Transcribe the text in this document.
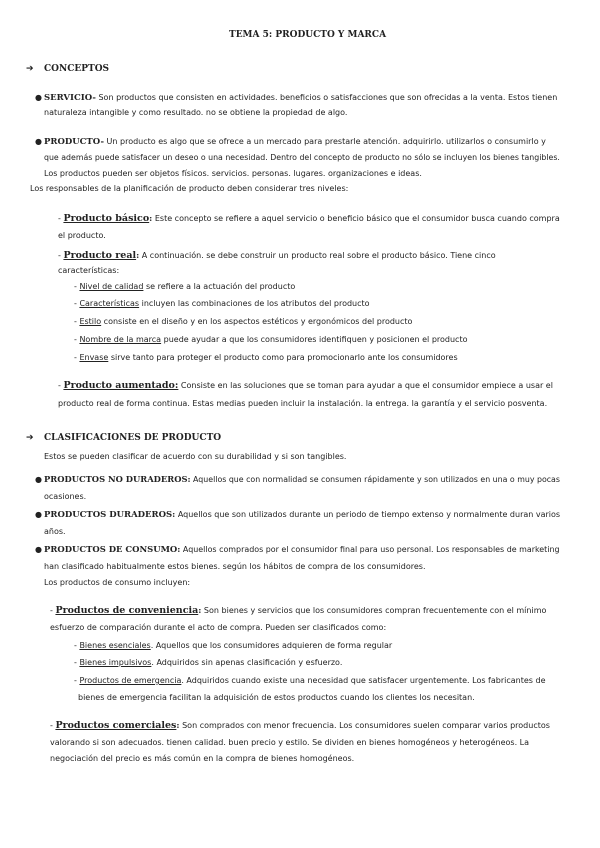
TEMA 5: PRODUCTO Y MARCA
➔ CONCEPTOS
● SERVICIO- Son productos que consisten en actividades. beneficios o satisfacciones que son ofrecidas a la venta. Estos tienen
naturaleza intangible y como resultado. no se obtiene la propiedad de algo.
● PRODUCTO- Un producto es algo que se ofrece a un mercado para prestarle atención. adquirirlo. utilizarlos o consumirlo y
que además puede satisfacer un deseo o una necesidad. Dentro del concepto de producto no sólo se incluyen los bienes tangibles.
Los productos pueden ser objetos físicos. servicios. personas. lugares. organizaciones e ideas.
Los responsables de la planificación de producto deben considerar tres niveles:
- Producto básico: Este concepto se refiere a aquel servicio o beneficio básico que el consumidor busca cuando compra
el producto.
- Producto real: A continuación. se debe construir un producto real sobre el producto básico. Tiene cinco
características:
- Nivel de calidad se refiere a la actuación del producto
- Características incluyen las combinaciones de los atributos del producto
- Estilo consiste en el diseño y en los aspectos estéticos y ergonómicos del producto
- Nombre de la marca puede ayudar a que los consumidores identifiquen y posicionen el producto
- Envase sirve tanto para proteger el producto como para promocionarlo ante los consumidores
- Producto aumentado: Consiste en las soluciones que se toman para ayudar a que el consumidor empiece a usar el
producto real de forma continua. Estas medias pueden incluir la instalación. la entrega. la garantía y el servicio posventa.
➔ CLASIFICACIONES DE PRODUCTO
Estos se pueden clasificar de acuerdo con su durabilidad y si son tangibles.
● PRODUCTOS NO DURADEROS: Aquellos que con normalidad se consumen rápidamente y son utilizados en una o muy pocas
ocasiones.
● PRODUCTOS DURADEROS: Aquellos que son utilizados durante un periodo de tiempo extenso y normalmente duran varios
años.
● PRODUCTOS DE CONSUMO: Aquellos comprados por el consumidor final para uso personal. Los responsables de marketing
han clasificado habitualmente estos bienes. según los hábitos de compra de los consumidores.
Los productos de consumo incluyen:
- Productos de conveniencia: Son bienes y servicios que los consumidores compran frecuentemente con el mínimo
esfuerzo de comparación durante el acto de compra. Pueden ser clasificados como:
- Bienes esenciales. Aquellos que los consumidores adquieren de forma regular
- Bienes impulsivos. Adquiridos sin apenas clasificación y esfuerzo.
- Productos de emergencia. Adquiridos cuando existe una necesidad que satisfacer urgentemente. Los fabricantes de
bienes de emergencia facilitan la adquisición de estos productos cuando los clientes los necesitan.
- Productos comerciales: Son comprados con menor frecuencia. Los consumidores suelen comparar varios productos
valorando si son adecuados. tienen calidad. buen precio y estilo. Se dividen en bienes homogéneos y heterogéneos. La
negociación del precio es más común en la compra de bienes homogéneos.
